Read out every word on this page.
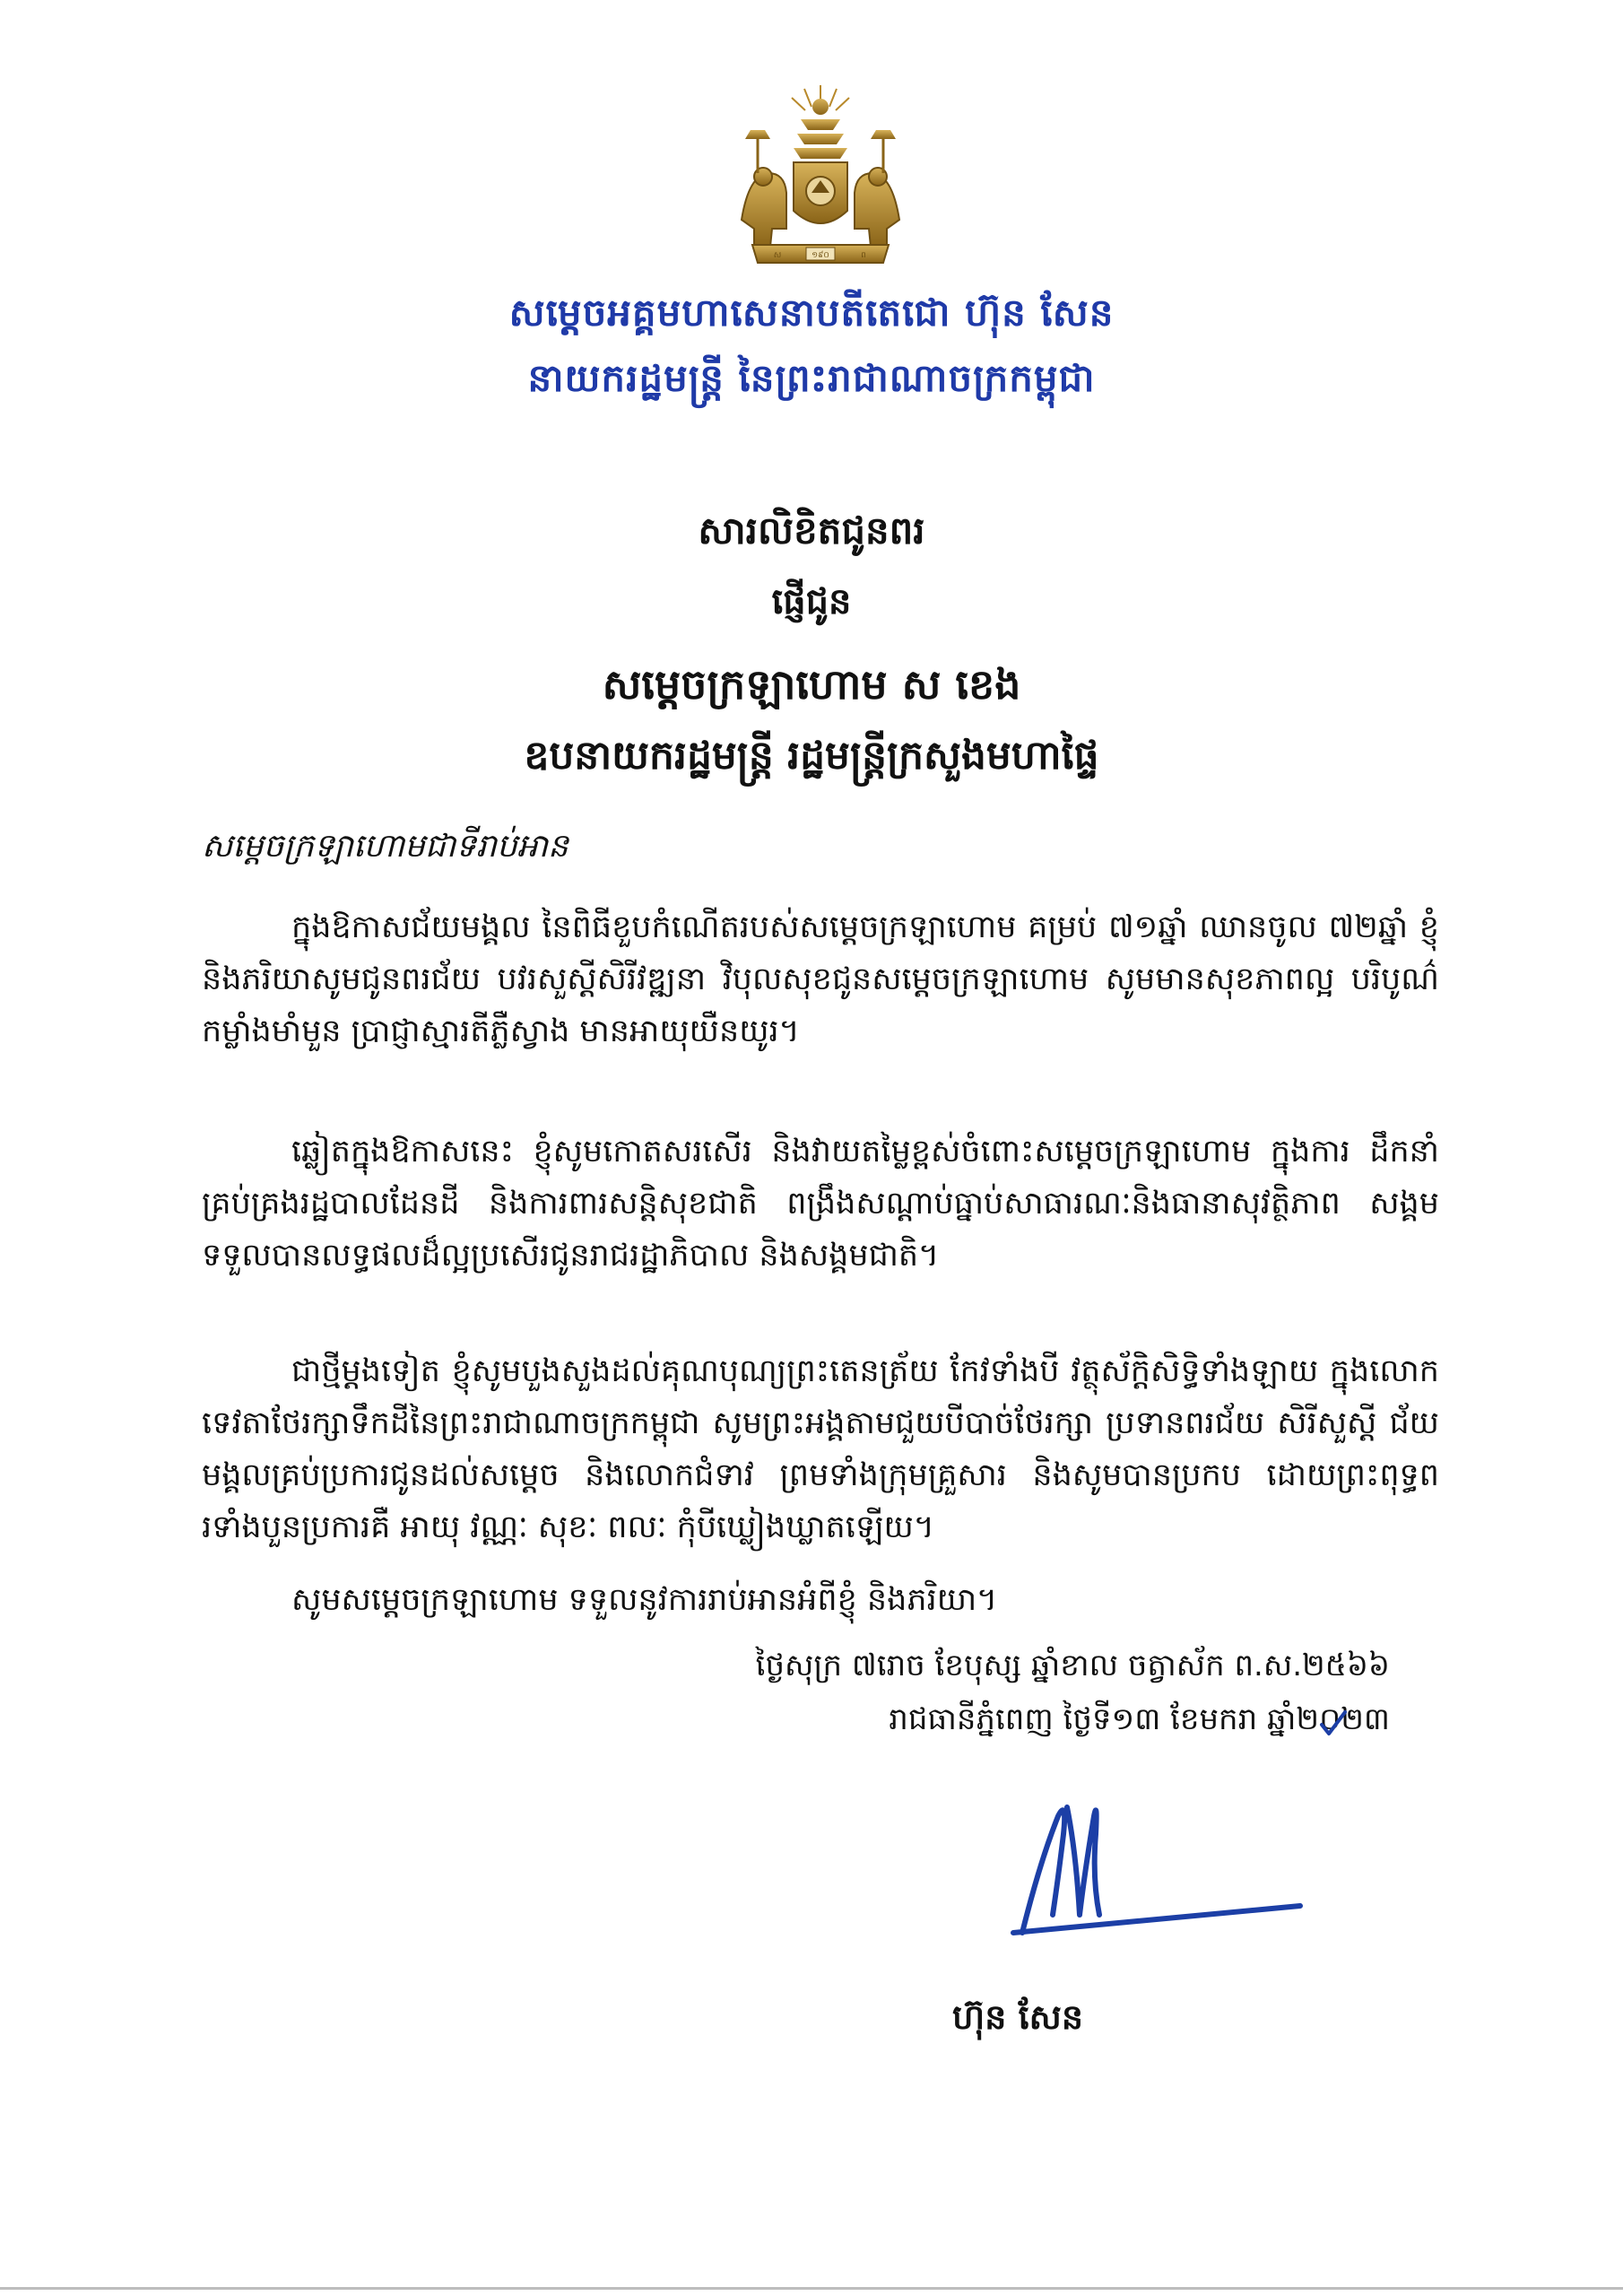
១៩០
ស	ព
សម្តេចអគ្គមហាសេនាបតីតេជោ ហ៊ុន សែន
នាយករដ្ឋមន្ត្រី នៃព្រះរាជាណាចក្រកម្ពុជា
សារលិខិតជូនពរ
ផ្ញើជូន
សម្តេចក្រឡាហោម ស ខេង
ឧបនាយករដ្ឋមន្ត្រី រដ្ឋមន្ត្រីក្រសួងមហាផ្ទៃ
សម្តេចក្រឡាហោមជាទីរាប់អាន
ក្នុងឱកាសជ័យមង្គល នៃពិធីខួបកំណើតរបស់សម្តេចក្រឡាហោម គម្រប់ ៧១ឆ្នាំ ឈានចូល ៧២ឆ្នាំ ខ្ញុំ និងភរិយាសូមជូនពរជ័យ បវរសួស្តីសិរីវឌ្ឍនា វិបុលសុខជូនសម្តេចក្រឡាហោម សូមមានសុខភាពល្អ បរិបូណ៌ កម្លាំងមាំមួន ប្រាជ្ញាស្មារតីភ្លឺស្វាង មានអាយុយឺនយូរ។
ឆ្លៀតក្នុងឱកាសនេះ ខ្ញុំសូមកោតសរសើរ និងវាយតម្លៃខ្ពស់ចំពោះសម្តេចក្រឡាហោម ក្នុងការ ដឹកនាំគ្រប់គ្រងរដ្ឋបាលដែនដី និងការពារសន្តិសុខជាតិ ពង្រឹងសណ្តាប់ធ្នាប់សាធារណៈនិងធានាសុវត្ថិភាព សង្គម ទទួលបានលទ្ធផលដ៏ល្អប្រសើរជូនរាជរដ្ឋាភិបាល និងសង្គមជាតិ។
ជាថ្មីម្តងទៀត ខ្ញុំសូមបួងសួងដល់គុណបុណ្យព្រះតេនត្រ័យ កែវទាំងបី វត្ថុស័ក្តិសិទ្ធិទាំងឡាយ ក្នុងលោក ទេវតាថែរក្សាទឹកដីនៃព្រះរាជាណាចក្រកម្ពុជា សូមព្រះអង្គតាមជួយបីបាច់ថែរក្សា ប្រទានពរជ័យ សិរីសួស្តី ជ័យមង្គលគ្រប់ប្រការជូនដល់សម្តេច និងលោកជំទាវ ព្រមទាំងក្រុមគ្រួសារ និងសូមបានប្រកប ដោយព្រះពុទ្ធពរទាំងបួនប្រការគឺ អាយុ វណ្ណៈ សុខៈ ពលៈ កុំបីឃ្លៀងឃ្លាតឡើយ។
សូមសម្តេចក្រឡាហោម ទទួលនូវការរាប់អានអំពីខ្ញុំ និងភរិយា។
ថ្ងៃសុក្រ ៧រោច ខែបុស្ស ឆ្នាំខាល ចត្វាស័ក ព.ស.២៥៦៦
រាជធានីភ្នំពេញ ថ្ងៃទី១៣ ខែមករា ឆ្នាំ២០២៣
ហ៊ុន សែន
